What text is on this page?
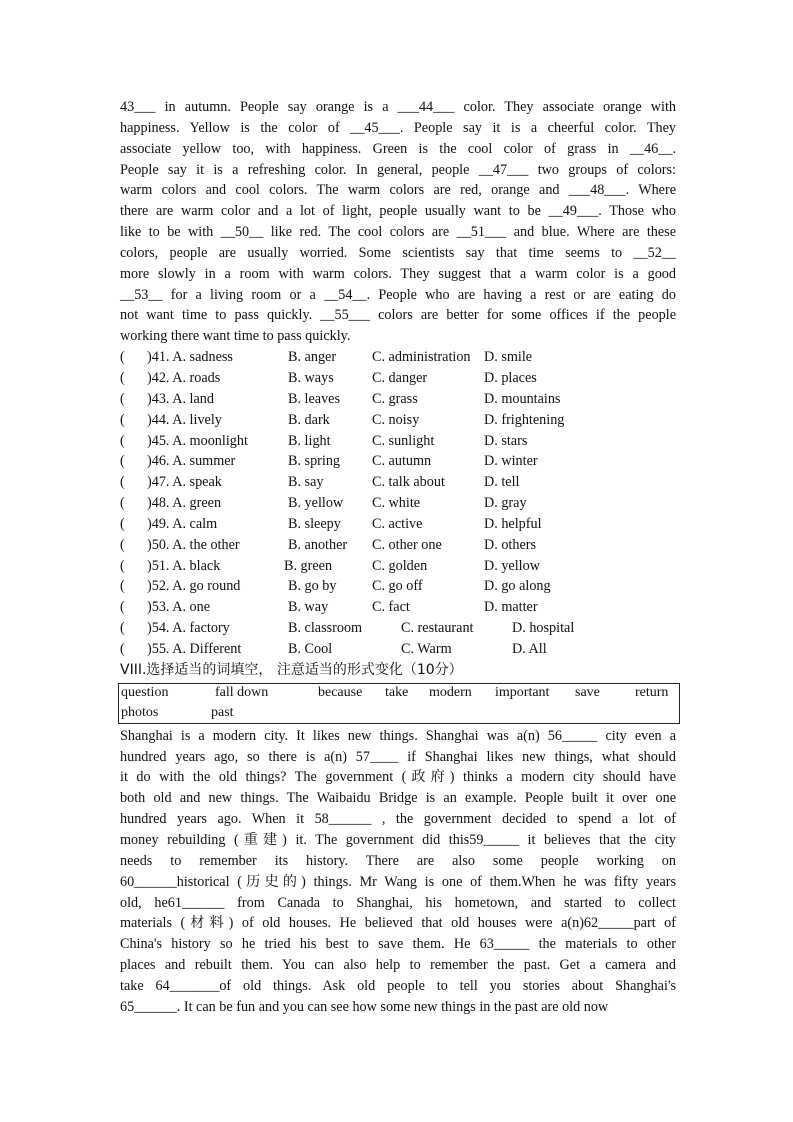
43___ in autumn. People say orange is a ___44___ color. They associate orange with
happiness. Yellow is the color of __45___. People say it is a cheerful color. They
associate yellow too, with happiness. Green is the cool color of grass in __46__.
People say it is a refreshing color. In general, people __47___ two groups of colors:
warm colors and cool colors. The warm colors are red, orange and ___48___. Where
there are warm color and a lot of light, people usually want to be __49___. Those who
like to be with __50__ like red. The cool colors are __51___ and blue. Where are these
colors, people are usually worried. Some scientists say that time seems to __52__
more slowly in a room with warm colors. They suggest that a warm color is a good
__53__ for a living room or a __54__. People who are having a rest or are eating do
not want time to pass quickly. __55___ colors are better for some offices if the people
working there want time to pass quickly.
( )41. A. sadness	B. anger	C. administration D. smile
( )42. A. roads	B. ways	C. danger	D. places
( )43. A. land	B. leaves C. grass	D. mountains
( )44. A. lively	B. dark	C. noisy	D. frightening
( )45. A. moonlight	B. light	C. sunlight	D. stars
( )46. A. summer	B. spring C. autumn	D. winter
( )47. A. speak	B. say	C. talk about	D. tell
( )48. A. green	B. yellow C. white	D. gray
( )49. A. calm	B. sleepy C. active	D. helpful
( )50. A. the other	B. another C. other one	D. others
( )51. A. black	B. green	C. golden	D. yellow
( )52. A. go round	B. go by	C. go off	D. go along
( )53. A. one	B. way	C. fact	D. matter
( )54. A. factory	B. classroom	C. restaurant	D. hospital
( )55. A. Different	B. Cool	C. Warm	D. All
VIII.选择适当的词填空， 注意适当的形式变化（10分）
question	fall down	because take modern important save	return
photos	past
Shanghai is a modern city. It likes new things. Shanghai was a(n) 56_____ city even a
hundred years ago, so there is a(n) 57____ if Shanghai likes new things, what should
it do with the old things? The government (政府) thinks a modern city should have
both old and new things. The Waibaidu Bridge is an example. People built it over one
hundred years ago. When it 58______ , the government decided to spend a lot of
money rebuilding (重建) it. The government did this59_____ it believes that the city
needs to remember its history. There are also some people working on
60______historical (历史的) things. Mr Wang is one of them.When he was fifty years
old, he61______ from Canada to Shanghai, his hometown, and started to collect
materials (材料) of old houses. He believed that old houses were a(n)62_____part of
China's history so he tried his best to save them. He 63_____ the materials to other
places and rebuilt them. You can also help to remember the past. Get a camera and
take 64_______of old things. Ask old people to tell you stories about Shanghai's
65______. It can be fun and you can see how some new things in the past are old now
